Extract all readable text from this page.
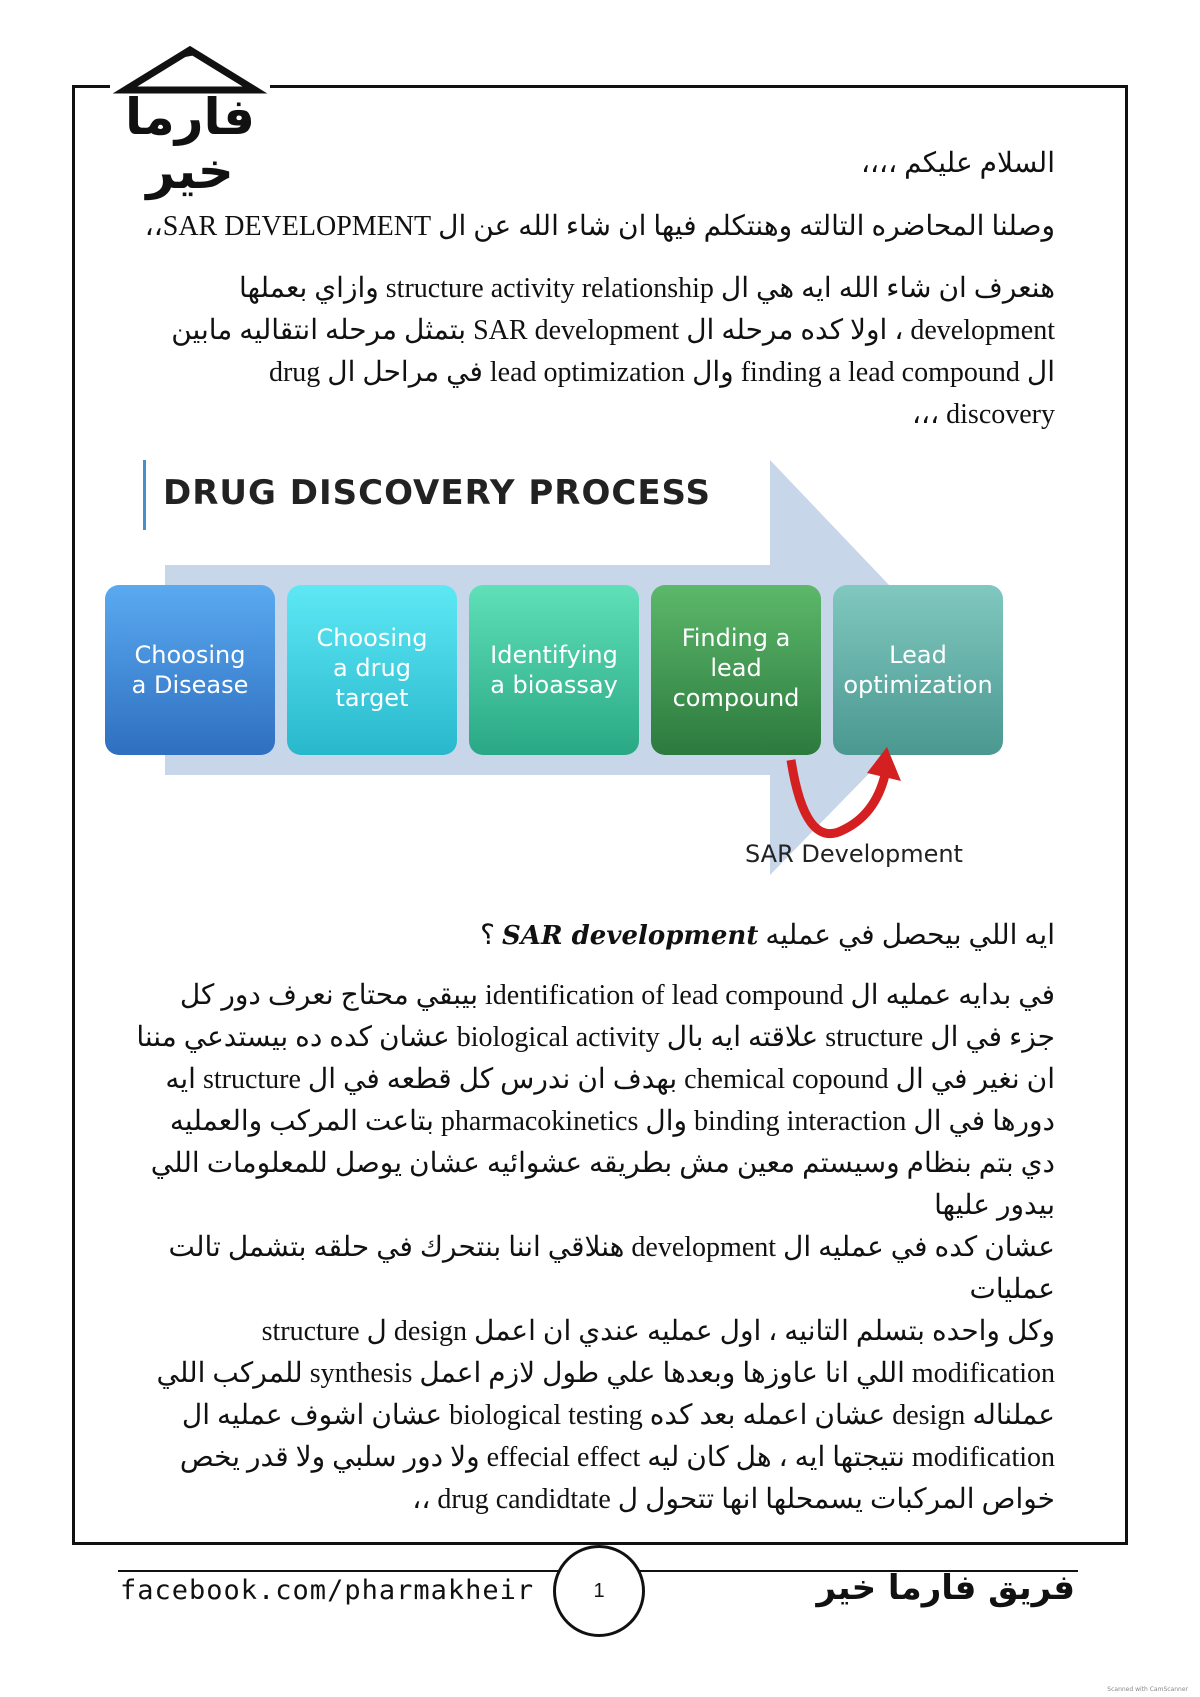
فارما
خير	السلام عليكم ،،،،

وصلنا المحاضره التالته وهنتكلم فيها ان شاء الله عن ال SAR DEVELOPMENT،،

هنعرف ان شاء الله ايه هي ال structure activity relationship وازاي بعملها

development ، اولا كده مرحله ال SAR development بتمثل مرحله انتقاليه مابين

ال finding a lead compound وال lead optimization في مراحل ال drug

discovery ،،،

DRUG DISCOVERY PROCESS
Choosing
a Disease
Choosing
a drug
target
Identifying
a bioassay
Finding a
lead
compound
Lead
optimization
SAR Development

ايه اللي بيحصل في عمليه SAR development ؟

في بدايه عمليه ال identification of lead compound بيبقي محتاج نعرف دور كل

جزء في ال structure علاقته ايه بال biological activity عشان كده ده بيستدعي مننا

ان نغير في ال chemical copound بهدف ان ندرس كل قطعه في ال structure ايه

دورها في ال binding interaction وال pharmacokinetics بتاعت المركب والعمليه

دي بتم بنظام وسيستم معين مش بطريقه عشوائيه عشان يوصل للمعلومات اللي بيدور عليها

عشان كده في عمليه ال development هنلاقي اننا بنتحرك في حلقه بتشمل تالت عمليات

وكل واحده بتسلم التانيه ، اول عمليه عندي ان اعمل design ل structure

modification اللي انا عاوزها وبعدها علي طول لازم اعمل synthesis للمركب اللي

عملناله design عشان اعمله بعد كده biological testing عشان اشوف عمليه ال

modification نتيجتها ايه ، هل كان ليه effecial effect ولا دور سلبي ولا قدر يخص

خواص المركبات يسمحلها انها تتحول ل drug candidtate ،،

facebook.com/pharmakheir	1	فريق فارما خير
Scanned with CamScanner
